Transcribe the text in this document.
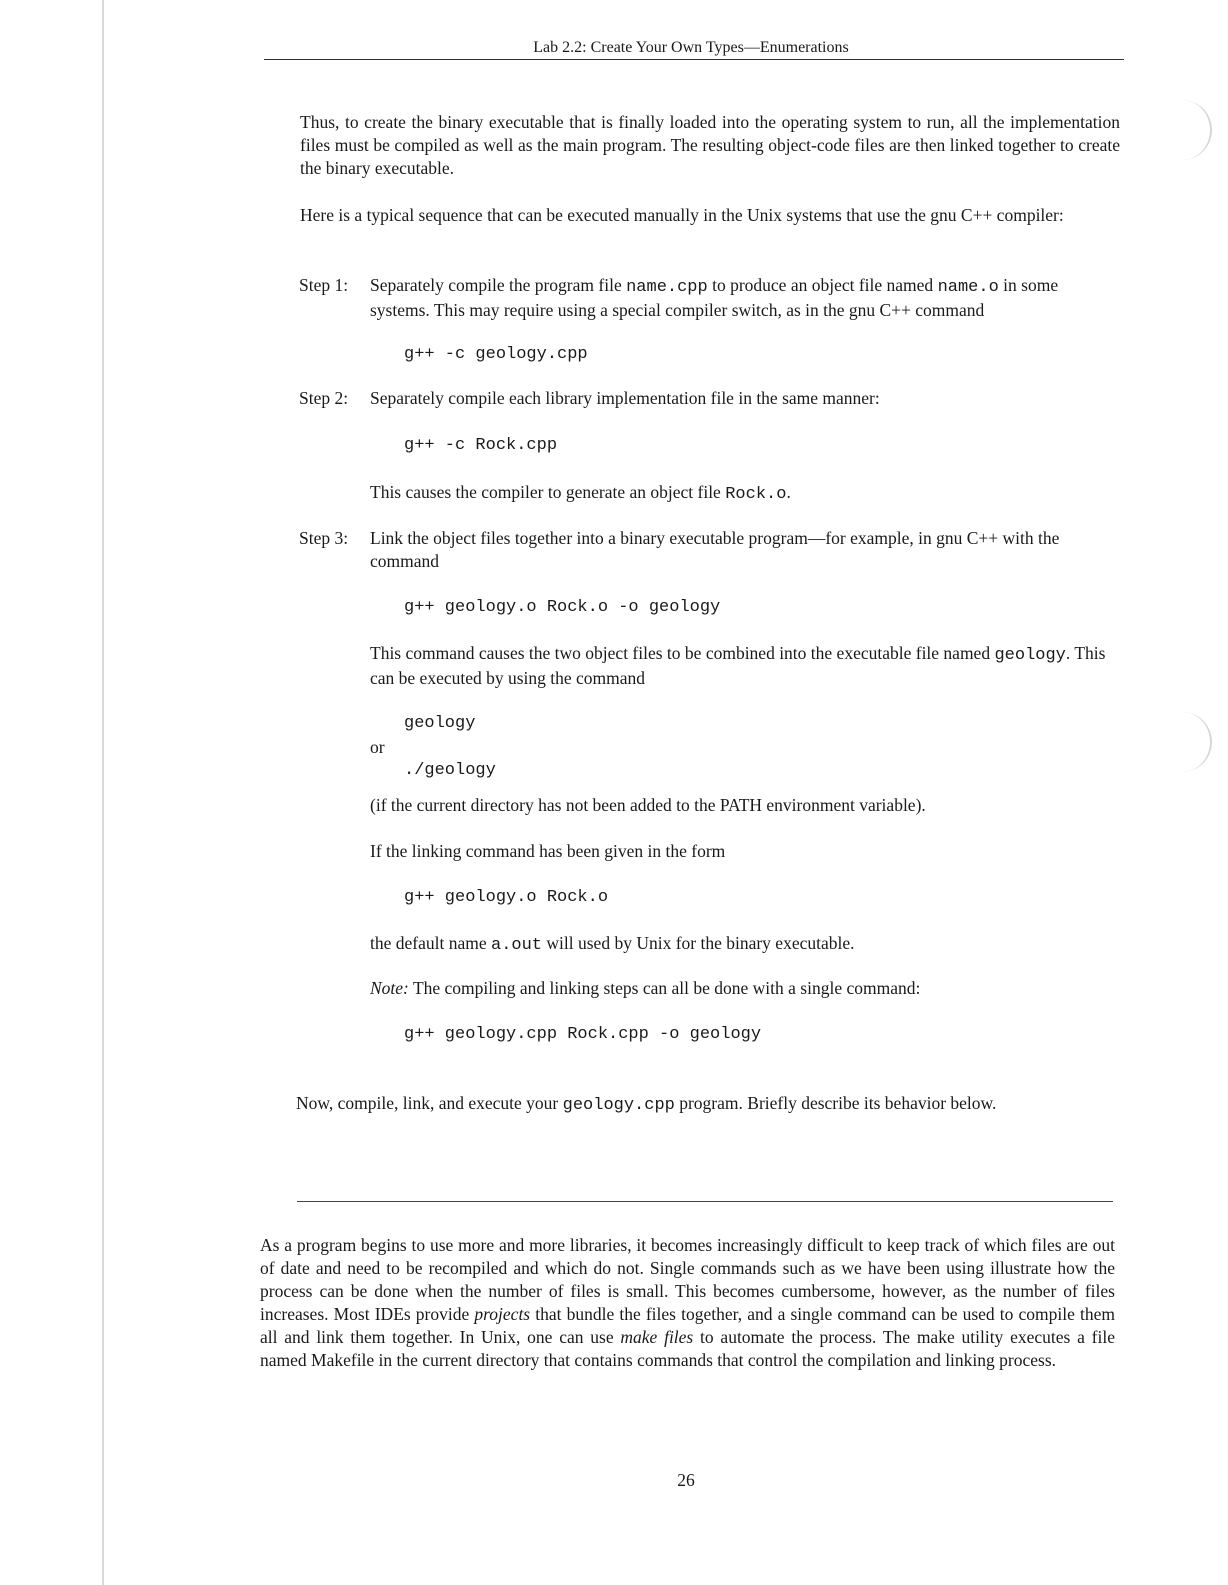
Lab 2.2: Create Your Own Types—Enumerations
Thus, to create the binary executable that is finally loaded into the operating system to run, all the implementation files must be compiled as well as the main program. The resulting object-code files are then linked together to create the binary executable.
Here is a typical sequence that can be executed manually in the Unix systems that use the gnu C++ compiler:
Step 1:	Separately compile the program file name.cpp to produce an object file named name.o in some systems. This may require using a special compiler switch, as in the gnu C++ command
g++ -c geology.cpp
Step 2:	Separately compile each library implementation file in the same manner:
g++ -c Rock.cpp
This causes the compiler to generate an object file Rock.o.
Step 3:	Link the object files together into a binary executable program—for example, in gnu C++ with the command
g++ geology.o Rock.o -o geology
This command causes the two object files to be combined into the executable file named geology. This can be executed by using the command
geology
or
./geology
(if the current directory has not been added to the PATH environment variable).
If the linking command has been given in the form
g++ geology.o Rock.o
the default name a.out will used by Unix for the binary executable.
Note: The compiling and linking steps can all be done with a single command:
g++ geology.cpp Rock.cpp -o geology
Now, compile, link, and execute your geology.cpp program. Briefly describe its behavior below.
As a program begins to use more and more libraries, it becomes increasingly difficult to keep track of which files are out of date and need to be recompiled and which do not. Single commands such as we have been using illustrate how the process can be done when the number of files is small. This becomes cumbersome, however, as the number of files increases. Most IDEs provide projects that bundle the files together, and a single command can be used to compile them all and link them together. In Unix, one can use make files to automate the process. The make utility executes a file named Makefile in the current directory that contains commands that control the compilation and linking process.
26
